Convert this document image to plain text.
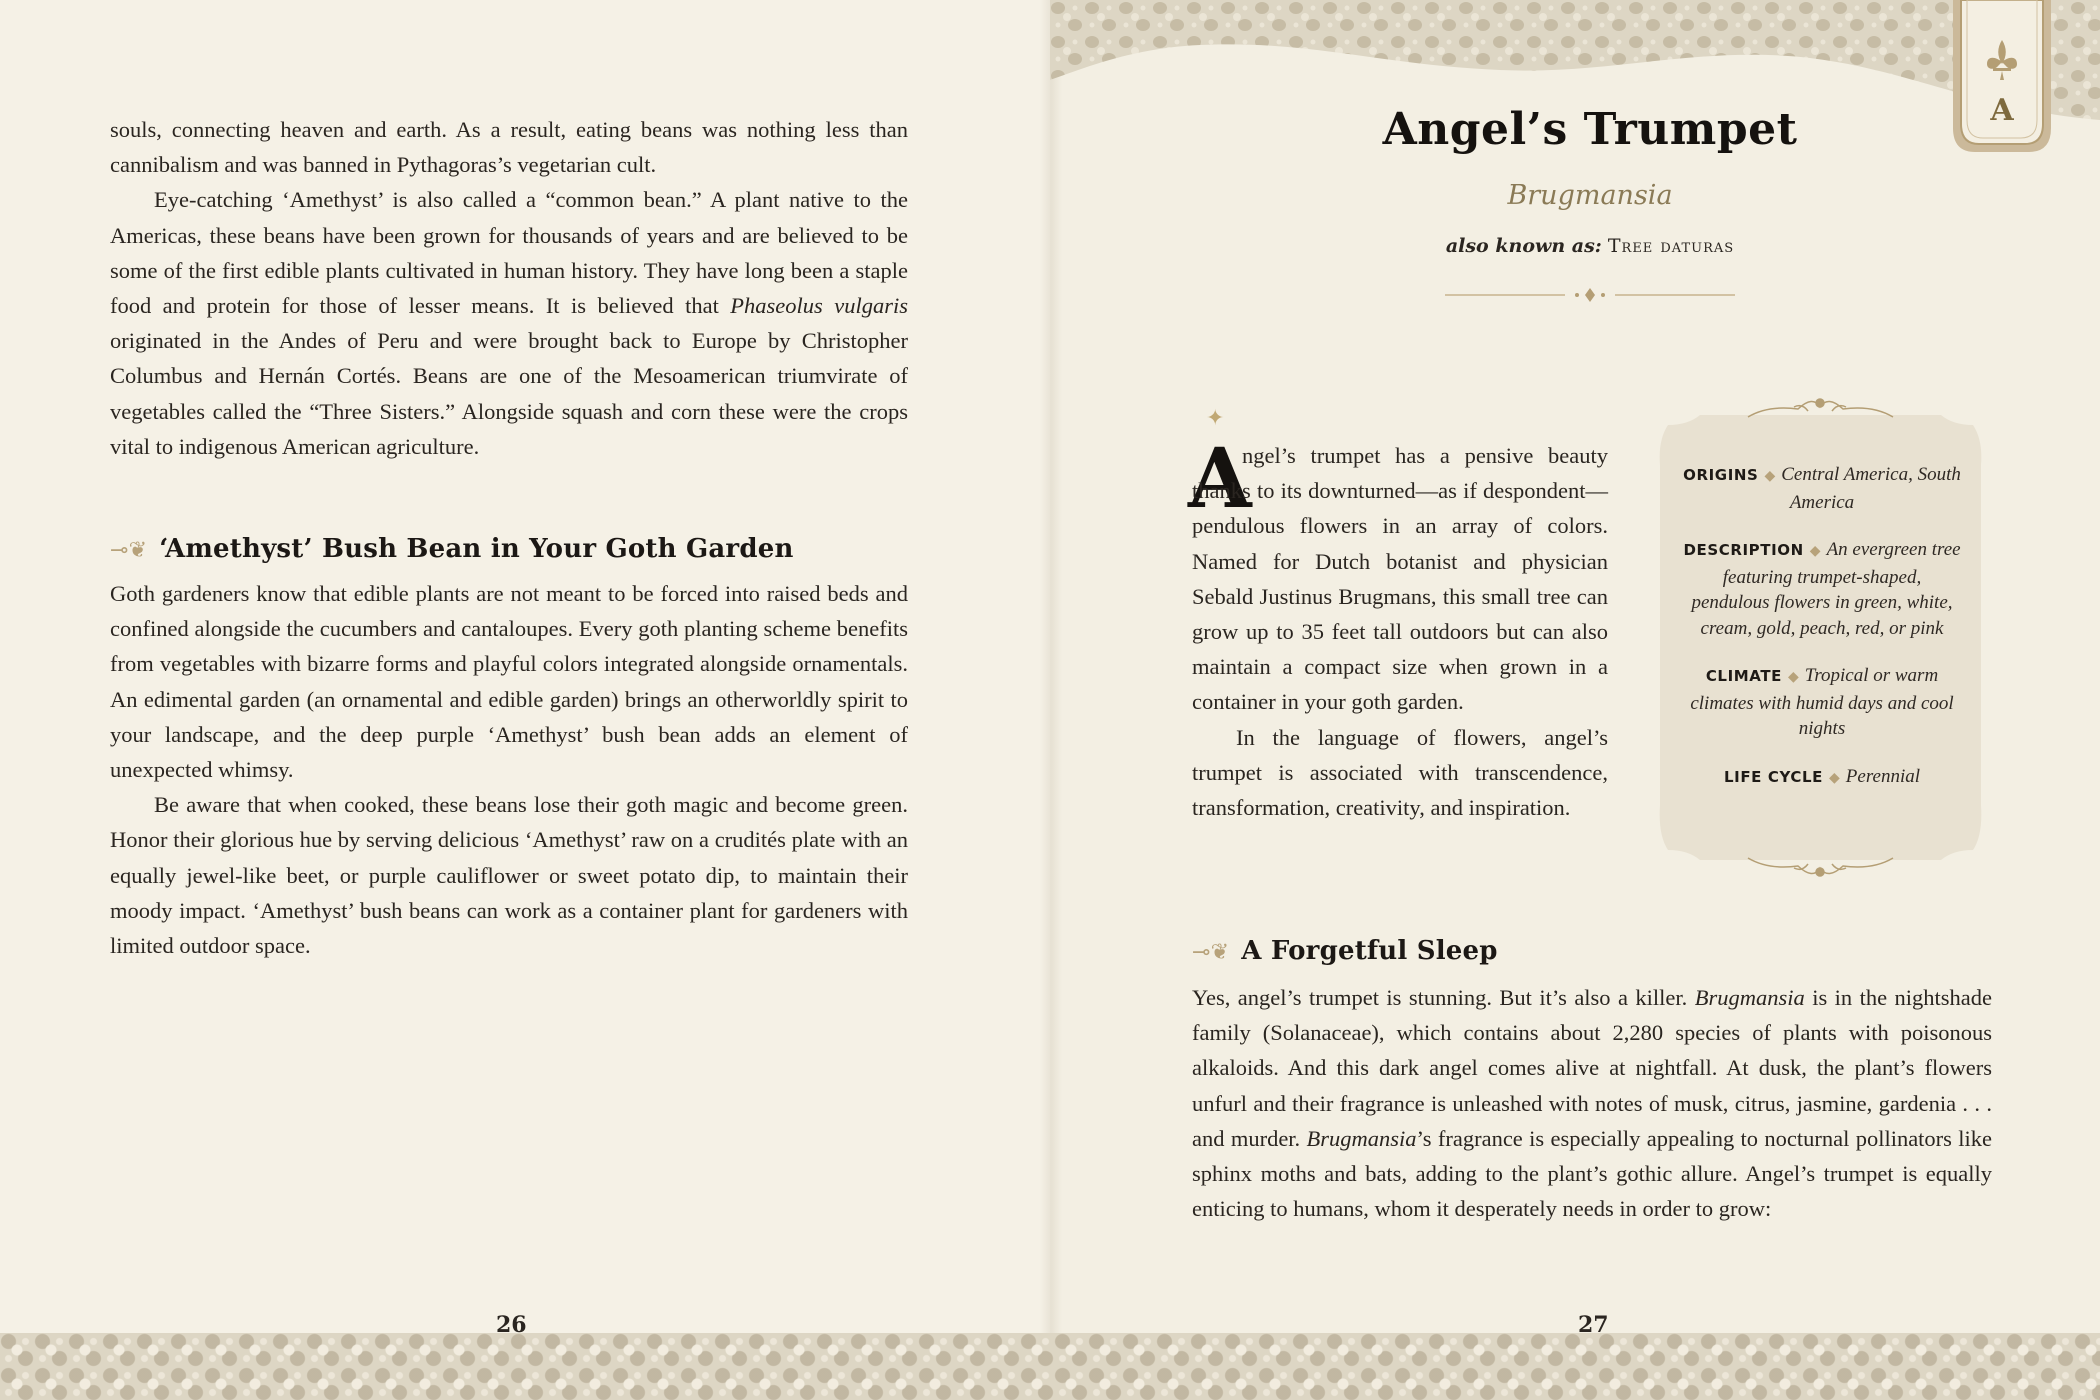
A

souls, connecting heaven and earth. As a result, eating beans was nothing less than cannibalism and was banned in Pythagoras’s vegetarian cult.

Eye-catching ‘Amethyst’ is also called a “common bean.” A plant native to the Americas, these beans have been grown for thousands of years and are believed to be some of the first edible plants cultivated in human history. They have long been a staple food and protein for those of lesser means. It is believed that Phaseolus vulgaris originated in the Andes of Peru and were brought back to Europe by Christopher Columbus and Hernán Cortés. Beans are one of the Mesoamerican triumvirate of vegetables called the “Three Sisters.” Alongside squash and corn these were the crops vital to indigenous American agriculture.

⊸❦ ‘Amethyst’ Bush Bean in Your Goth Garden

Goth gardeners know that edible plants are not meant to be forced into raised beds and confined alongside the cucumbers and cantaloupes. Every goth planting scheme benefits from vegetables with bizarre forms and playful colors integrated alongside ornamentals. An edimental garden (an ornamental and edible garden) brings an otherworldly spirit to your landscape, and the deep purple ‘Amethyst’ bush bean adds an element of unexpected whimsy.

Be aware that when cooked, these beans lose their goth magic and become green. Honor their glorious hue by serving delicious ‘Amethyst’ raw on a crudités plate with an equally jewel-like beet, or purple cauliflower or sweet potato dip, to maintain their moody impact. ‘Amethyst’ bush beans can work as a container plant for gardeners with limited outdoor space.

26
Angel’s Trumpet
Brugmansia
also known as: Tree daturas
✦
A

ngel’s trumpet has a pensive beauty thanks to its downturned—as if despondent—pendulous flowers in an array of colors. Named for Dutch botanist and physician Sebald Justinus Brugmans, this small tree can grow up to 35 feet tall outdoors but can also maintain a compact size when grown in a container in your goth garden.

In the language of flowers, angel’s trumpet is associated with transcendence, transformation, creativity, and inspiration.

ORIGINS ◆ Central America, South America
DESCRIPTION ◆ An evergreen tree featuring trumpet-shaped, pendulous flowers in green, white, cream, gold, peach, red, or pink
CLIMATE ◆ Tropical or warm climates with humid days and cool nights
LIFE CYCLE ◆ Perennial
⊸❦ A Forgetful Sleep

Yes, angel’s trumpet is stunning. But it’s also a killer. Brugmansia is in the nightshade family (Solanaceae), which contains about 2,280 species of plants with poisonous alkaloids. And this dark angel comes alive at nightfall. At dusk, the plant’s flowers unfurl and their fragrance is unleashed with notes of musk, citrus, jasmine, gardenia . . . and murder. Brugmansia’s fragrance is especially appealing to nocturnal pollinators like sphinx moths and bats, adding to the plant’s gothic allure. Angel’s trumpet is equally enticing to humans, whom it desperately needs in order to grow:

27
